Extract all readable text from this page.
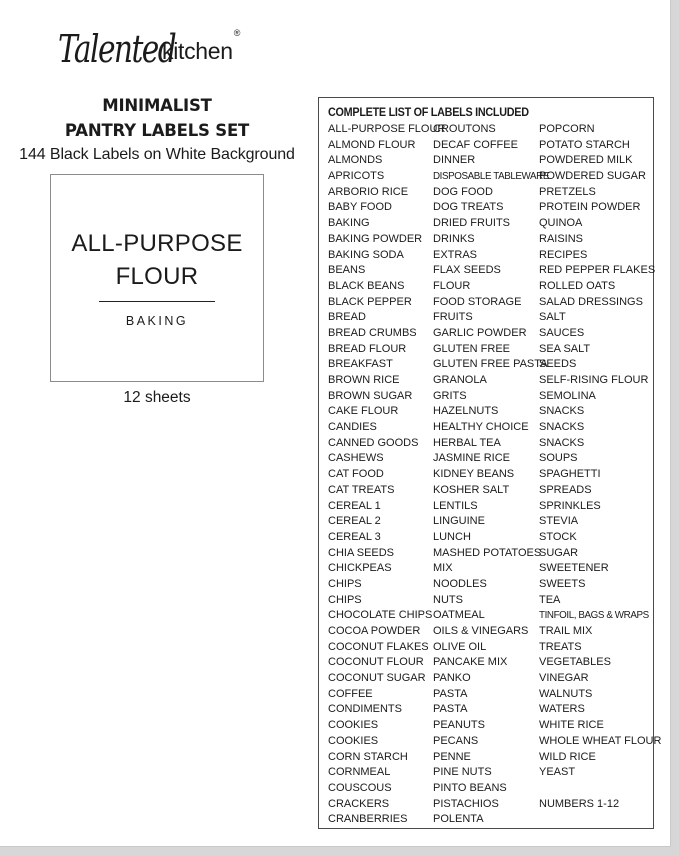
Talented
kitchen
®
MINIMALIST
PANTRY LABELS SET
144 Black Labels on White Background
ALL-PURPOSE
FLOUR
BAKING
12 sheets
COMPLETE LIST OF LABELS INCLUDED
ALL-PURPOSE FLOUR
ALMOND FLOUR
ALMONDS
APRICOTS
ARBORIO RICE
BABY FOOD
BAKING
BAKING POWDER
BAKING SODA
BEANS
BLACK BEANS
BLACK PEPPER
BREAD
BREAD CRUMBS
BREAD FLOUR
BREAKFAST
BROWN RICE
BROWN SUGAR
CAKE FLOUR
CANDIES
CANNED GOODS
CASHEWS
CAT FOOD
CAT TREATS
CEREAL 1
CEREAL 2
CEREAL 3
CHIA SEEDS
CHICKPEAS
CHIPS
CHIPS
CHOCOLATE CHIPS
COCOA POWDER
COCONUT FLAKES
COCONUT FLOUR
COCONUT SUGAR
COFFEE
CONDIMENTS
COOKIES
COOKIES
CORN STARCH
CORNMEAL
COUSCOUS
CRACKERS
CRANBERRIES
CROUTONS
DECAF COFFEE
DINNER
DISPOSABLE TABLEWARE
DOG FOOD
DOG TREATS
DRIED FRUITS
DRINKS
EXTRAS
FLAX SEEDS
FLOUR
FOOD STORAGE
FRUITS
GARLIC POWDER
GLUTEN FREE
GLUTEN FREE PASTA
GRANOLA
GRITS
HAZELNUTS
HEALTHY CHOICE
HERBAL TEA
JASMINE RICE
KIDNEY BEANS
KOSHER SALT
LENTILS
LINGUINE
LUNCH
MASHED POTATOES
MIX
NOODLES
NUTS
OATMEAL
OILS & VINEGARS
OLIVE OIL
PANCAKE MIX
PANKO
PASTA
PASTA
PEANUTS
PECANS
PENNE
PINE NUTS
PINTO BEANS
PISTACHIOS
POLENTA
POPCORN
POTATO STARCH
POWDERED MILK
POWDERED SUGAR
PRETZELS
PROTEIN POWDER
QUINOA
RAISINS
RECIPES
RED PEPPER FLAKES
ROLLED OATS
SALAD DRESSINGS
SALT
SAUCES
SEA SALT
SEEDS
SELF-RISING FLOUR
SEMOLINA
SNACKS
SNACKS
SNACKS
SOUPS
SPAGHETTI
SPREADS
SPRINKLES
STEVIA
STOCK
SUGAR
SWEETENER
SWEETS
TEA
TINFOIL, BAGS & WRAPS
TRAIL MIX
TREATS
VEGETABLES
VINEGAR
WALNUTS
WATERS
WHITE RICE
WHOLE WHEAT FLOUR
WILD RICE
YEAST
NUMBERS 1-12
